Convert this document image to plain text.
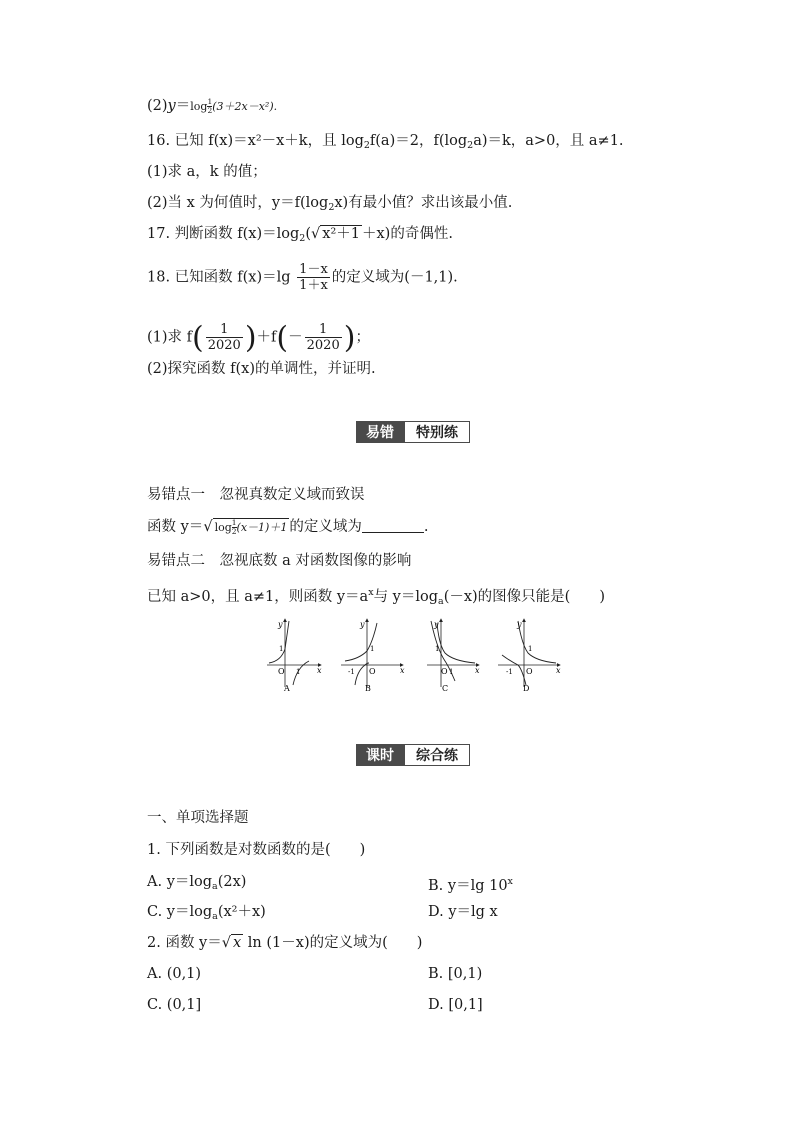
$(2)y=\log \frac{1}{2}(3+2x-x^2)$.
16. 已知 f(x)＝x²－x＋k，且 $\log_2f(a)=2$，$f(\log_2a)=k$，a>0，且 a≠1.
(1)求 a，k 的值；
(2)当 x 为何值时，$y=f(\log_2x)$有最小值？求出该最小值.
17. 判断函数 $f(x)=\log_2(√$ x²＋1 ＋x)的奇偶性.
18. 已知函数 $f(x)=\lg \frac{1-x}{1+x}$ 的定义域为(－1,1).
(1)求 $f( \frac{1}{2020} )+f(- \frac{1}{2020}$ )；
(2)探究函数 f(x)的单调性，并证明.
易错	特别练
易错点一　忽视真数定义域而致误
函数 y＝√ $\log \frac{1}{2}(x-1)+1$ 的定义域为	.
易错点二　忽视底数 a 对函数图像的影响
已知 a>0，且 a≠1，则函数 $y=a^x$与 $y=\log_a(-x)$的图像只能是(　　)
y
x
O
1
1
A
y
x
O
1
-1
B
y
x
O
1
1
C
y
x
O
1
-1
D
课时	综合练
一、单项选择题
1. 下列函数是对数函数的是(　　)
A. $y=\log_a(2x)$	B. y＝lg 10$^x$
C. $y=\log_a(x^2+x)$	D. y＝lg x
2. 函数 y＝√ x ln (1－x)的定义域为(　　)
A. (0,1)	B. [0,1)
C. (0,1]	D. [0,1]
